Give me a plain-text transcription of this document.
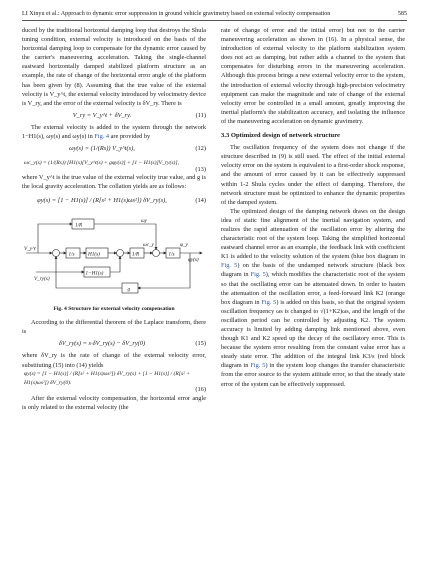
LI Xinyu et al.: Approach to dynamic error suppression in ground vehicle gravimetry based on external velocity compensation	585

duced by the traditional horizontal damping loop that destroys the Shula tuning condition, external velocity is introduced on the basis of the horizontal damping loop to compensate for the dynamic error caused by the carrier's maneuvering acceleration. Taking the single-channel eastward horizontally damped stabilized platform structure as an example, the rate of change of the horizontal error angle of the platform has been given by (8). Assuming that the true value of the external velocity is V_y^t, the external velocity introduced by velocimetry device is V_ry, and the error of the external velocity is δV_ry. There is

V_ry = V_y^t + δV_ry.	(11)

The external velocity is added to the system through the network 1−H1(s), ωy(s) and ωy(s) in Fig. 4 are provided by

ωy(s) = (1/(Rs)) V_y^t(s),	(12)
ωc_y(s) = (1/(Rs)) [H1(s)[V_y^t(s) + gφy(s)] + [1 − H1(s)]V_ry(s)],
(13)

where V_y^t is the true value of the external velocity true value, and g is the local gravity acceleration. The collation yields are as follows:

φy(s) = [1 − H1(s)] / (R[s² + H1(s)ωs²]) δV_ry(s),	(14)
1/R
1/s	H1(s)
1−H1(s)
1/R	1/s
g
V_y^t
V_ry(s)
ωc_y
ωy
φ_y
φy(s)
Fig. 4 Structure for external velocity compensation

According to the differential theorem of the Laplace transform, there is

δV_ry(s) = s·δV_ry(s) − δV_ry(0)	(15)

where δV_ry is the rate of change of the external velocity error, substituting (15) into (14) yields

φy(s) = [1 − H1(s)] / (R[s² + H1(s)ωs²]) δV_ry(s) + [1 − H1(s)] / (R[s² + H1(s)ωs²]) δV_ry(0).
(16)

After the external velocity compensation, the horizontal error angle is only related to the external velocity (the

rate of change of error and the initial error) but not to the carrier maneuvering acceleration as shown in (16). In a physical sense, the introduction of external velocity to the platform stabilization system does not act as damping, but rather adds a channel to the system that compensates for disturbing errors in the maneuvering acceleration. Although this process brings a new external velocity error to the system, the introduction of external velocity through high-precision velocimetry equipment can make the magnitude and rate of change of the external velocity error be controlled in a small amount, greatly improving the inertial platform's the stabilization accuracy, and isolating the influence of the maneuvering acceleration on dynamic gravimetry.

3.3 Optimized design of network structure

The oscillation frequency of the system does not change if the structure described in (9) is still used. The effect of the initial external velocity error on the system is equivalent to a first-order shock response, and the amount of error caused by it can be effectively suppressed within 1-2 Shula cycles under the effect of damping. Therefore, the network structure must be optimized to enhance the dynamic properties of the damped system.

The optimized design of the damping network draws on the design idea of static fine alignment of the inertial navigation system, and realizes the rapid attenuation of the oscillation error by altering the characteristic root of the system loop. Taking the simplified horizontal eastward channel error as an example, the feedback link with coefficient K1 is added to the velocity solution of the system (blue box diagram in Fig. 5) on the basis of the undamped network structure (black box diagram in Fig. 5), which modifies the characteristic root of the system so that the oscillating error can be attenuated down. In order to hasten the attenuation of the oscillation error, a feed-forward link K2 (orange box diagram in Fig. 5) is added on this basis, so that the original system oscillation frequency ωs is changed to √(1+K2)ωs, and the length of the oscillation period can be controlled by adjusting K2. The system accuracy is limited by adding damping link mentioned above, even though K1 and K2 speed up the decay of the oscillatory error. This is because the system error resulting from the constant value error has a steady state error. The addition of the integral link K3/s (red block diagram in Fig. 5) in the system loop changes the transfer characteristic from the error source to the system attitude error, so that the steady state error of the system can be effectively suppressed.
